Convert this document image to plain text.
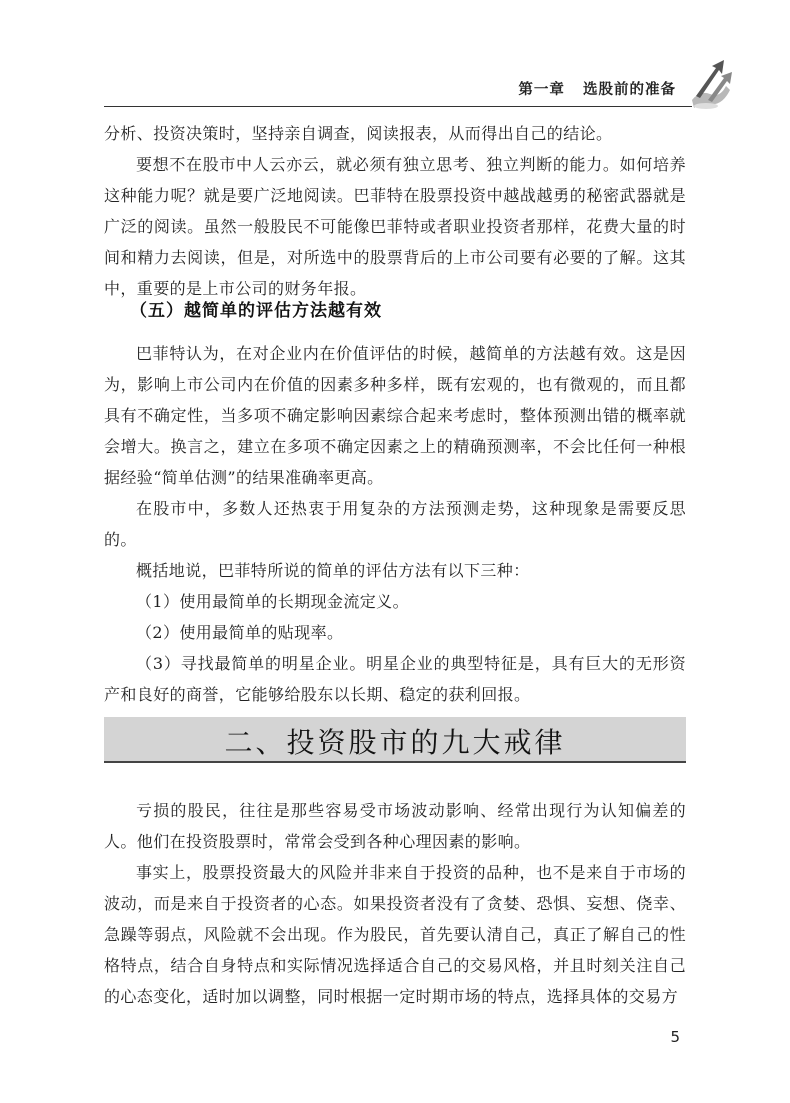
第一章 选股前的准备

分析、投资决策时，坚持亲自调查，阅读报表，从而得出自己的结论。

要想不在股市中人云亦云，就必须有独立思考、独立判断的能力。如何培养这种能力呢？就是要广泛地阅读。巴菲特在股票投资中越战越勇的秘密武器就是广泛的阅读。虽然一般股民不可能像巴菲特或者职业投资者那样，花费大量的时间和精力去阅读，但是，对所选中的股票背后的上市公司要有必要的了解。这其中，重要的是上市公司的财务年报。

（五）越简单的评估方法越有效

巴菲特认为，在对企业内在价值评估的时候，越简单的方法越有效。这是因为，影响上市公司内在价值的因素多种多样，既有宏观的，也有微观的，而且都具有不确定性，当多项不确定影响因素综合起来考虑时，整体预测出错的概率就会增大。换言之，建立在多项不确定因素之上的精确预测率，不会比任何一种根据经验“简单估测”的结果准确率更高。

在股市中，多数人还热衷于用复杂的方法预测走势，这种现象是需要反思的。

概括地说，巴菲特所说的简单的评估方法有以下三种：

（1）使用最简单的长期现金流定义。

（2）使用最简单的贴现率。

（3）寻找最简单的明星企业。明星企业的典型特征是，具有巨大的无形资产和良好的商誉，它能够给股东以长期、稳定的获利回报。

二、投资股市的九大戒律

亏损的股民，往往是那些容易受市场波动影响、经常出现行为认知偏差的人。他们在投资股票时，常常会受到各种心理因素的影响。

事实上，股票投资最大的风险并非来自于投资的品种，也不是来自于市场的波动，而是来自于投资者的心态。如果投资者没有了贪婪、恐惧、妄想、侥幸、急躁等弱点，风险就不会出现。作为股民，首先要认清自己，真正了解自己的性格特点，结合自身特点和实际情况选择适合自己的交易风格，并且时刻关注自己的心态变化，适时加以调整，同时根据一定时期市场的特点，选择具体的交易方

5
